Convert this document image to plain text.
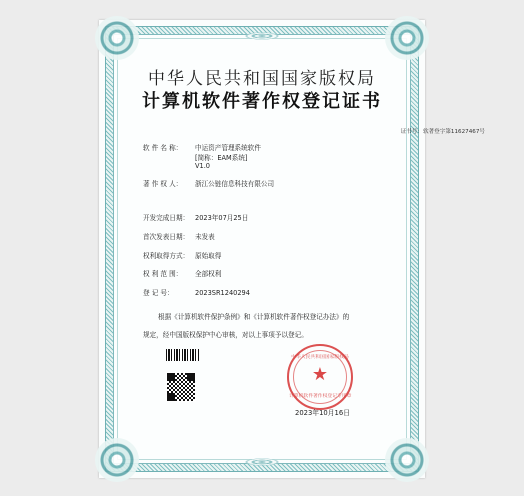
中华人民共和国国家版权局
计算机软件著作权登记证书
证书号：软著登字第11627467号
软 件 名 称： 中运资产管理系统软件
[简称：EAM系统]
V1.0
著 作 权 人： 浙江公链信息科技有限公司
开发完成日期： 2023年07月25日
首次发表日期： 未发表
权利取得方式： 原始取得
权 利 范 围： 全部权利
登 记 号：	2023SR1240294
根据《计算机软件保护条例》和《计算机软件著作权登记办法》的
规定，经中国版权保护中心审核，对以上事项予以登记。
中华人民共和国国家版权局
★
计算机软件著作权登记专用章
2023年10月16日
